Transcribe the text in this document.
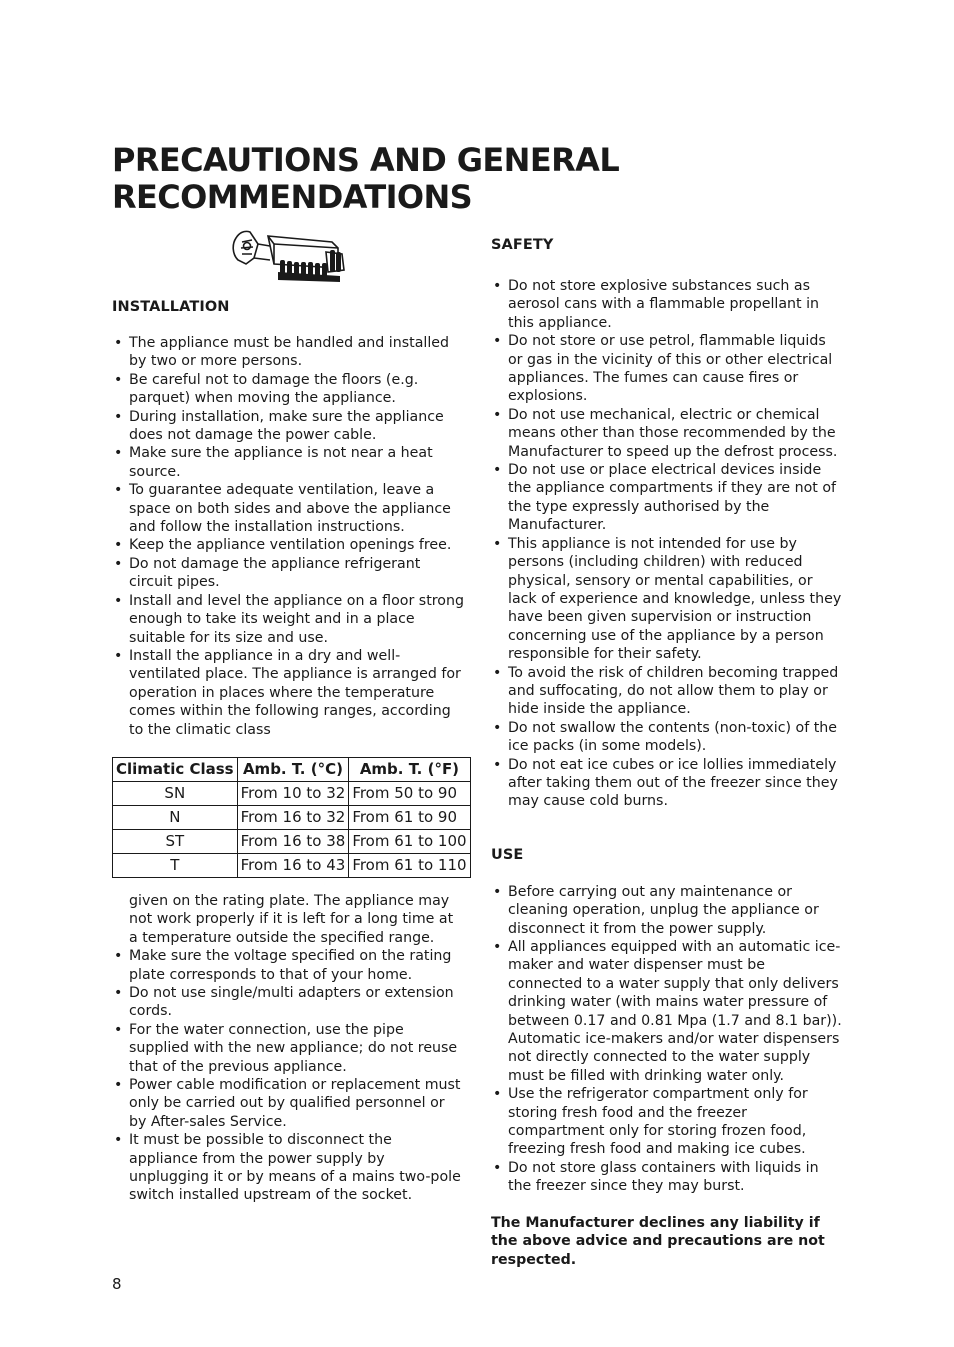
PRECAUTIONS AND GENERAL
RECOMMENDATIONS
INSTALLATION
• The appliance must be handled and installed by two or more persons.
• Be careful not to damage the floors (e.g. parquet) when moving the appliance.
• During installation, make sure the appliance does not damage the power cable.
• Make sure the appliance is not near a heat source.
• To guarantee adequate ventilation, leave a space on both sides and above the appliance and follow the installation instructions.
• Keep the appliance ventilation openings free.
• Do not damage the appliance refrigerant circuit pipes.
• Install and level the appliance on a floor strong enough to take its weight and in a place suitable for its size and use.
• Install the appliance in a dry and well-ventilated place. The appliance is arranged for operation in places where the temperature comes within the following ranges, according to the climatic class
Climatic Class	Amb. T. (°C)	Amb. T. (°F)
SN	From 10 to 32	From 50 to 90
N	From 16 to 32	From 61 to 90
ST	From 16 to 38	From 61 to 100
T	From 16 to 43	From 61 to 110

given on the rating plate. The appliance may not work properly if it is left for a long time at a temperature outside the specified range.

• Make sure the voltage specified on the rating plate corresponds to that of your home.
• Do not use single/multi adapters or extension cords.
• For the water connection, use the pipe supplied with the new appliance; do not reuse that of the previous appliance.
• Power cable modification or replacement must only be carried out by qualified personnel or by After-sales Service.
• It must be possible to disconnect the appliance from the power supply by unplugging it or by means of a mains two-pole switch installed upstream of the socket.
SAFETY
• Do not store explosive substances such as aerosol cans with a flammable propellant in this appliance.
• Do not store or use petrol, flammable liquids or gas in the vicinity of this or other electrical appliances. The fumes can cause fires or explosions.
• Do not use mechanical, electric or chemical means other than those recommended by the Manufacturer to speed up the defrost process.
• Do not use or place electrical devices inside the appliance compartments if they are not of the type expressly authorised by the Manufacturer.
• This appliance is not intended for use by persons (including children) with reduced physical, sensory or mental capabilities, or lack of experience and knowledge, unless they have been given supervision or instruction concerning use of the appliance by a person responsible for their safety.
• To avoid the risk of children becoming trapped and suffocating, do not allow them to play or hide inside the appliance.
• Do not swallow the contents (non-toxic) of the ice packs (in some models).
• Do not eat ice cubes or ice lollies immediately after taking them out of the freezer since they may cause cold burns.
USE
• Before carrying out any maintenance or cleaning operation, unplug the appliance or disconnect it from the power supply.
• All appliances equipped with an automatic ice-maker and water dispenser must be connected to a water supply that only delivers drinking water (with mains water pressure of between 0.17 and 0.81 Mpa (1.7 and 8.1 bar)). Automatic ice-makers and/or water dispensers not directly connected to the water supply must be filled with drinking water only.
• Use the refrigerator compartment only for storing fresh food and the freezer compartment only for storing frozen food, freezing fresh food and making ice cubes.
• Do not store glass containers with liquids in the freezer since they may burst.

The Manufacturer declines any liability if the above advice and precautions are not respected.

8
